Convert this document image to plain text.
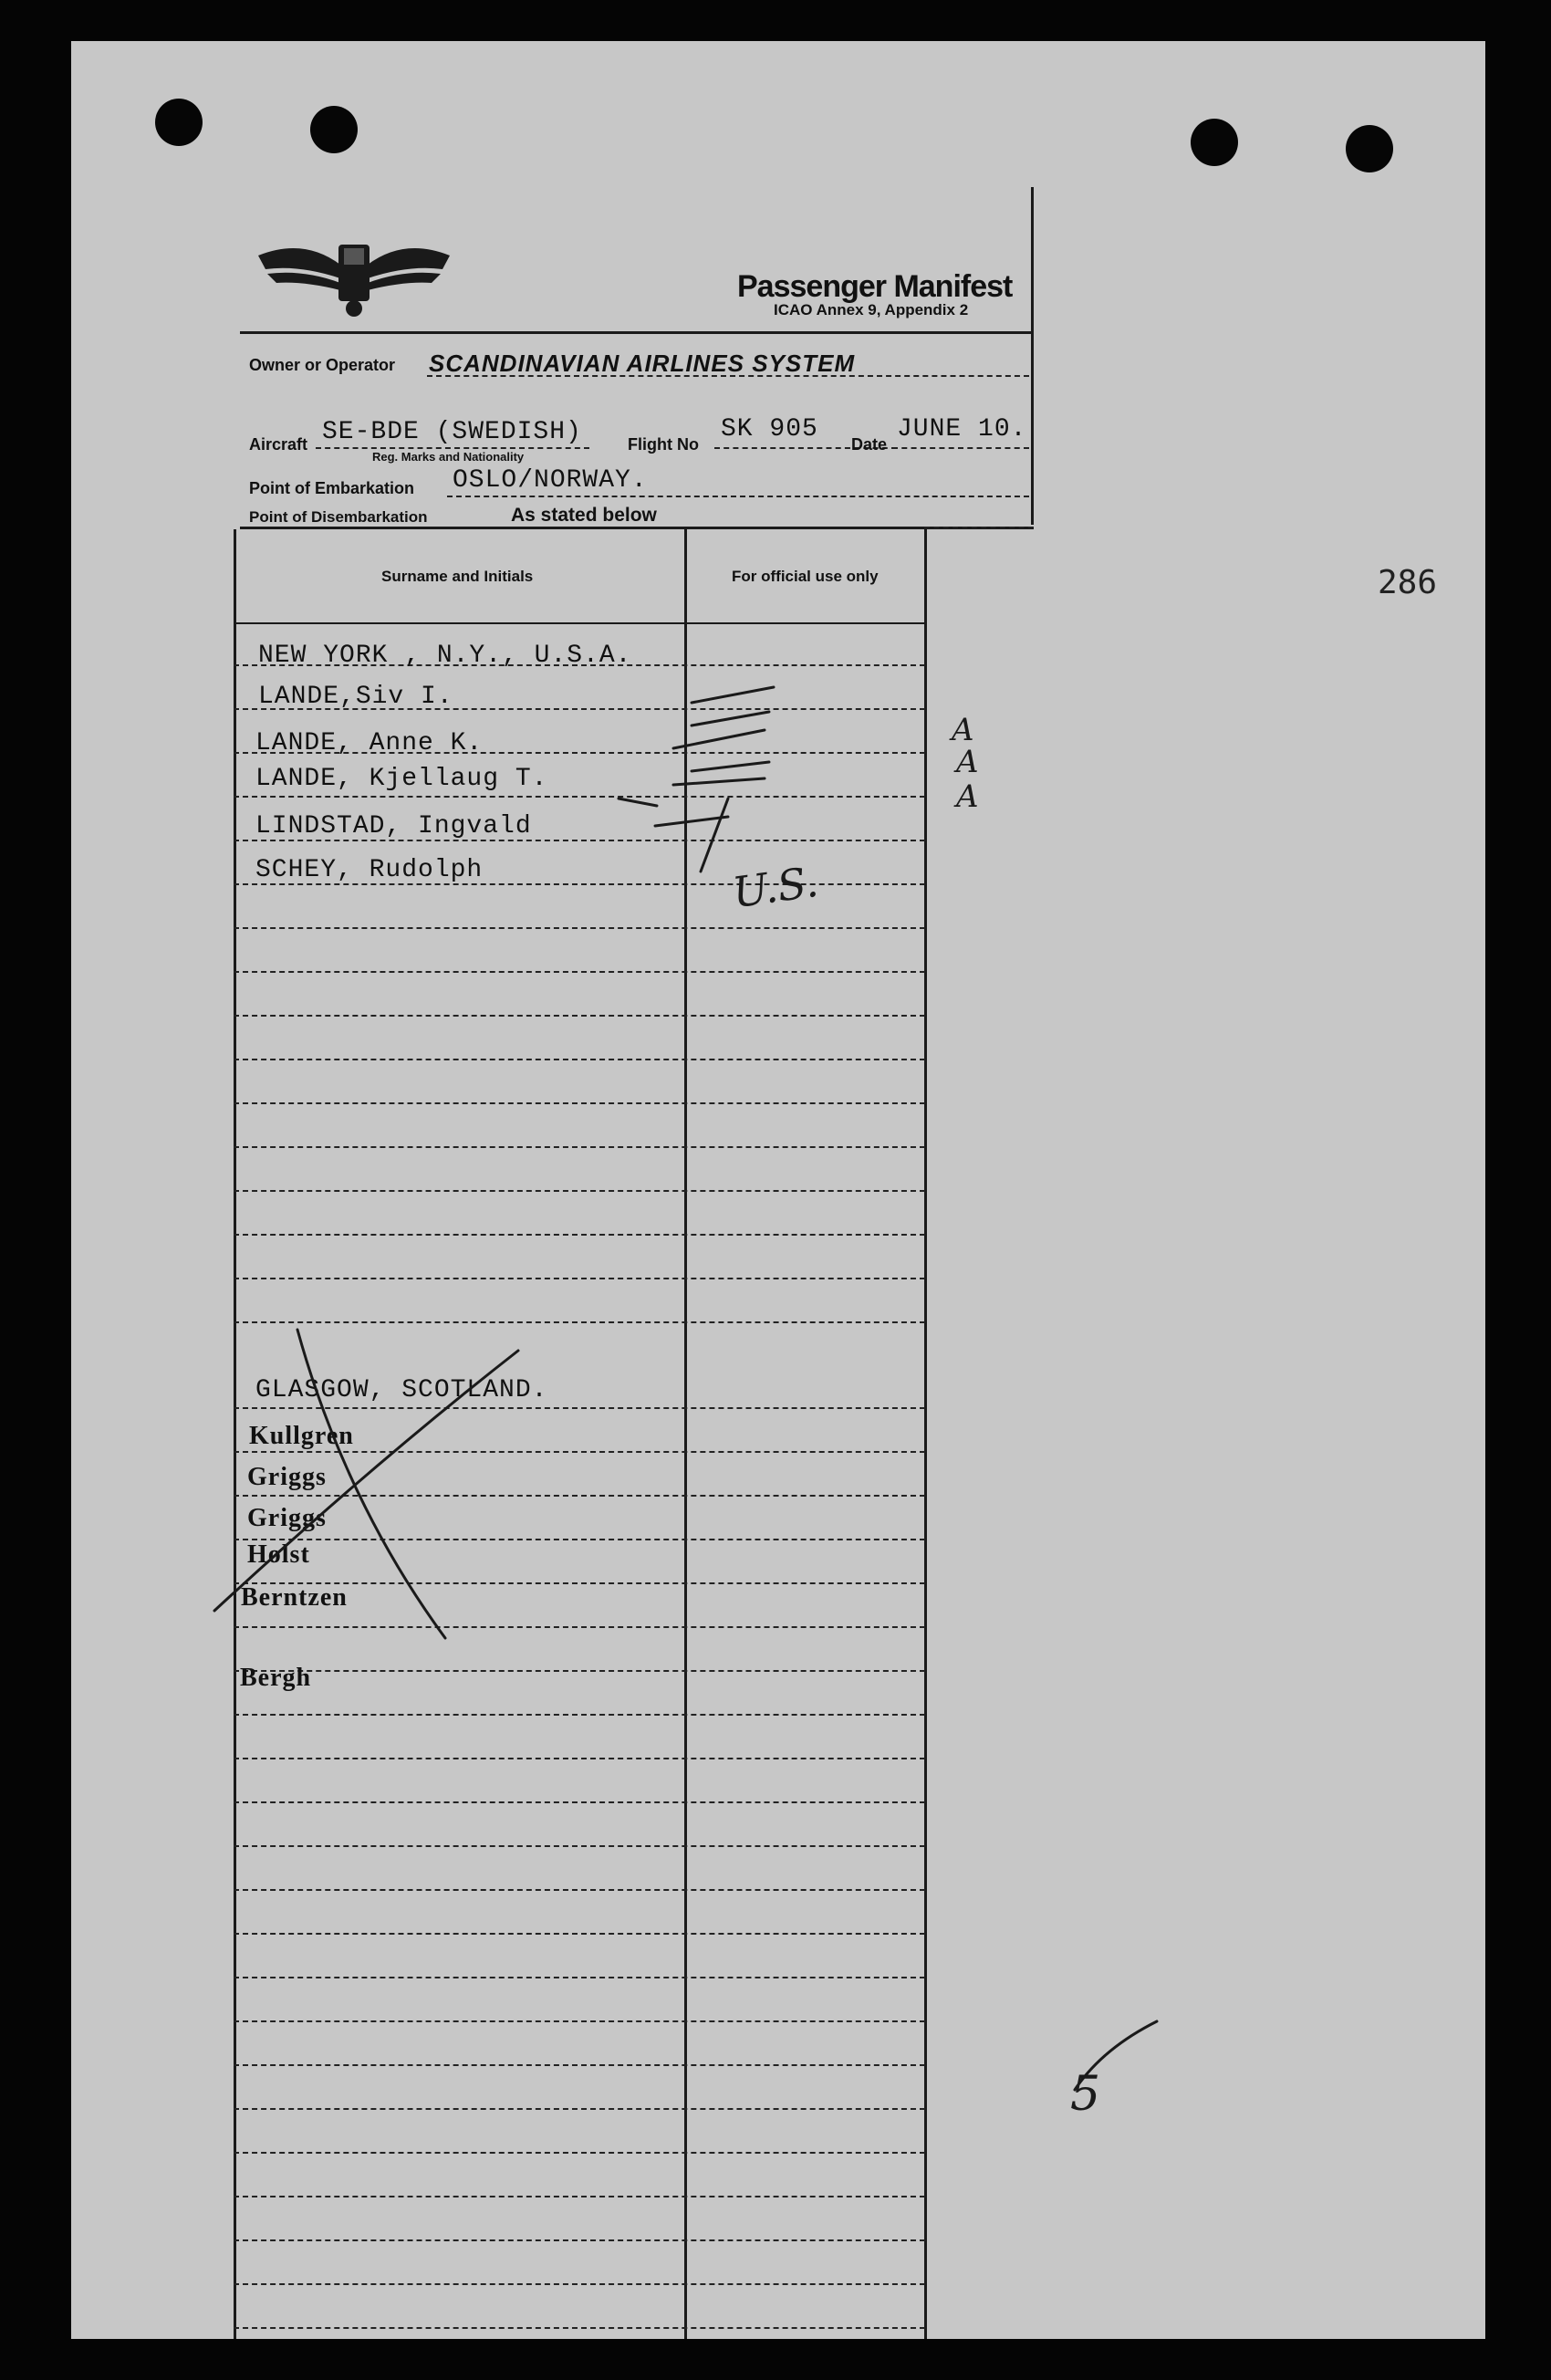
Passenger Manifest
ICAO Annex 9, Appendix 2
Owner or Operator SCANDINAVIAN AIRLINES SYSTEM
Aircraft SE-BDE (SWEDISH)
Reg. Marks and Nationality
Flight No
SK 905
Date
JUNE 10.
Point of Embarkation OSLO/NORWAY.
Point of Disembarkation	As stated below
Surname and Initials	For official use only
NEW YORK , N.Y., U.S.A.
LANDE,Siv I.
LANDE, Anne K.
LANDE, Kjellaug T.
LINDSTAD, Ingvald
SCHEY, Rudolph
GLASGOW, SCOTLAND.
Kullgren
Griggs
Griggs
Holst
Berntzen
Bergh
286
A
A
A
U.S.
5
